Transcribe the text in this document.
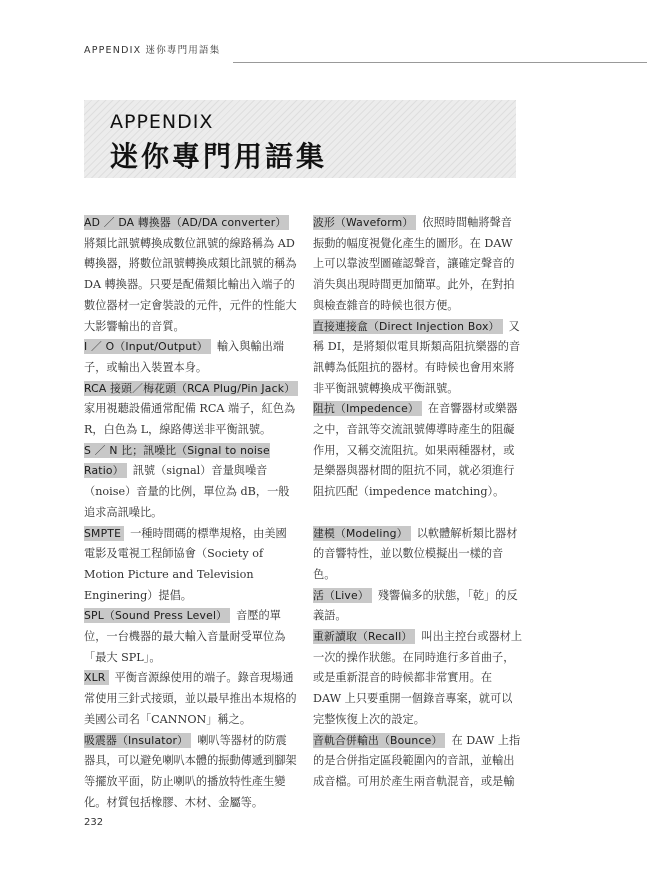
APPENDIX 迷你專門用語集
APPENDIX
迷你專門用語集

AD ／ DA 轉換器（AD/DA converter）將類比訊號轉換成數位訊號的線路稱為 AD 轉換器，將數位訊號轉換成類比訊號的稱為 DA 轉換器。只要是配備類比輸出入端子的數位器材一定會裝設的元件，元件的性能大大影響輸出的音質。

I ／ O（Input/Output） 輸入與輸出端子，或輸出入裝置本身。

RCA 接頭／梅花頭（RCA Plug/Pin Jack）家用視聽設備通常配備 RCA 端子，紅色為 R，白色為 L，線路傳送非平衡訊號。

S ／ N 比；訊噪比（Signal to noise Ratio） 訊號（signal）音量與噪音（noise）音量的比例，單位為 dB，一般追求高訊噪比。

SMPTE 一種時間碼的標準規格，由美國電影及電視工程師協會（Society of Motion Picture and Television Enginering）提倡。

SPL（Sound Press Level） 音壓的單位，一台機器的最大輸入音量耐受單位為「最大 SPL」。

XLR 平衡音源線使用的端子。錄音現場通常使用三針式接頭，並以最早推出本規格的美國公司名「CANNON」稱之。

吸震器（Insulator） 喇叭等器材的防震器具，可以避免喇叭本體的振動傳遞到腳架等擺放平面，防止喇叭的播放特性產生變化。材質包括橡膠、木材、金屬等。

波形（Waveform） 依照時間軸將聲音振動的幅度視覺化產生的圖形。在 DAW 上可以靠波型圖確認聲音，讓確定聲音的消失與出現時間更加簡單。此外，在對拍與檢查雜音的時候也很方便。

直接連接盒（Direct Injection Box） 又稱 DI，是將類似電貝斯類高阻抗樂器的音訊轉為低阻抗的器材。有時候也會用來將非平衡訊號轉換成平衡訊號。

阻抗（Impedence） 在音響器材或樂器之中，音訊等交流訊號傳導時產生的阻礙作用，又稱交流阻抗。如果兩種器材，或是樂器與器材間的阻抗不同，就必須進行阻抗匹配（impedence matching）。

建模（Modeling） 以軟體解析類比器材的音響特性，並以數位模擬出一樣的音色。

活（Live） 殘響偏多的狀態，「乾」的反義語。

重新讀取（Recall） 叫出主控台或器材上一次的操作狀態。在同時進行多首曲子，或是重新混音的時候都非常實用。在 DAW 上只要重開一個錄音專案，就可以完整恢復上次的設定。

音軌合併輸出（Bounce） 在 DAW 上指的是合併指定區段範圍內的音訊，並輸出成音檔。可用於產生兩音軌混音，或是輸

232
